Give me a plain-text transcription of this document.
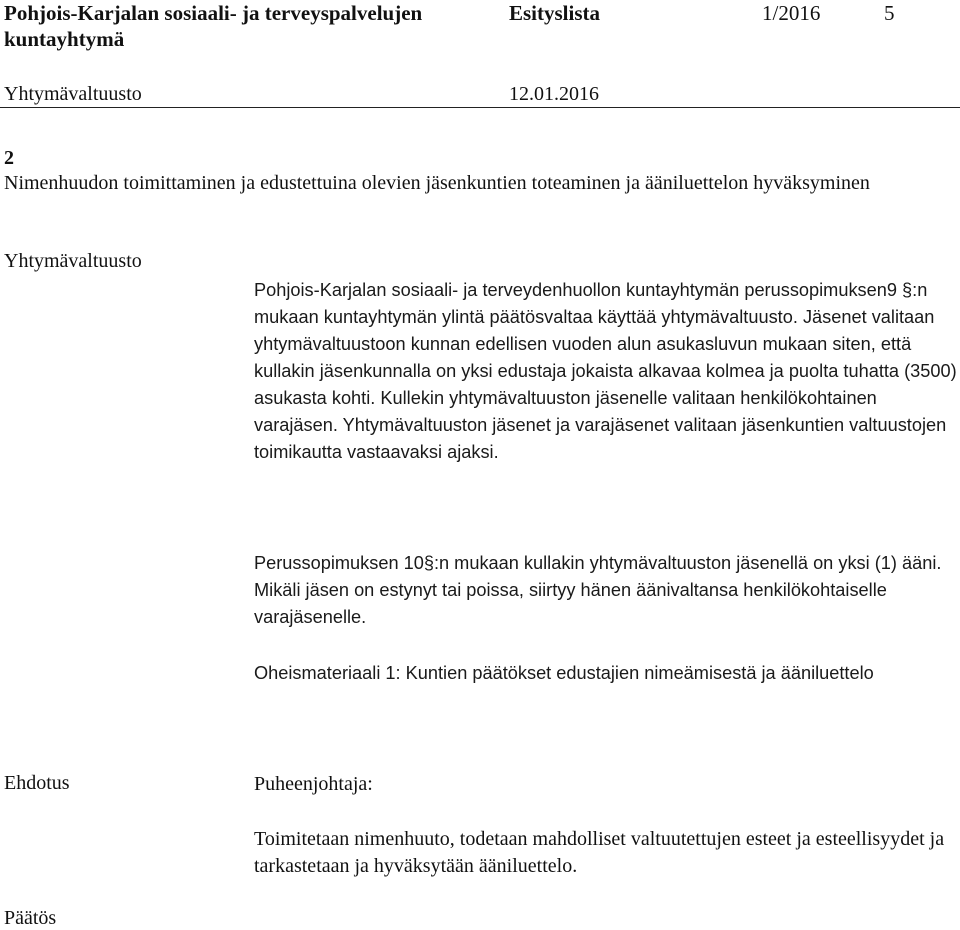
Pohjois-Karjalan sosiaali- ja terveyspalvelujen kuntayhtymä
Esityslista	1/2016	5
Yhtymävaltuusto	12.01.2016
2
Nimenhuudon toimittaminen ja edustettuina olevien jäsenkuntien toteaminen ja ääniluettelon hyväksyminen
Yhtymävaltuusto
Pohjois-Karjalan sosiaali- ja terveydenhuollon kuntayhtymän perussopimuksen9 §:n mukaan kuntayhtymän ylintä päätösvaltaa käyttää yhtymävaltuusto. Jäsenet valitaan yhtymävaltuustoon kunnan edellisen vuoden alun asukasluvun mukaan siten, että kullakin jäsenkunnalla on yksi edustaja jokaista alkavaa kolmea ja puolta tuhatta (3500) asukasta kohti. Kullekin yhtymävaltuuston jäsenelle valitaan henkilökohtainen varajäsen. Yhtymävaltuuston jäsenet ja varajäsenet valitaan jäsenkuntien valtuustojen toimikautta vastaavaksi ajaksi.
Perussopimuksen 10§:n mukaan kullakin yhtymävaltuuston jäsenellä on yksi (1) ääni. Mikäli jäsen on estynyt tai poissa, siirtyy hänen äänivaltansa henkilökohtaiselle varajäsenelle.
Oheismateriaali 1: Kuntien päätökset edustajien nimeämisestä ja ääniluettelo
Ehdotus	Puheenjohtaja:
Toimitetaan nimenhuuto, todetaan mahdolliset valtuutettujen esteet ja esteellisyydet ja tarkastetaan ja hyväksytään ääniluettelo.
Päätös
